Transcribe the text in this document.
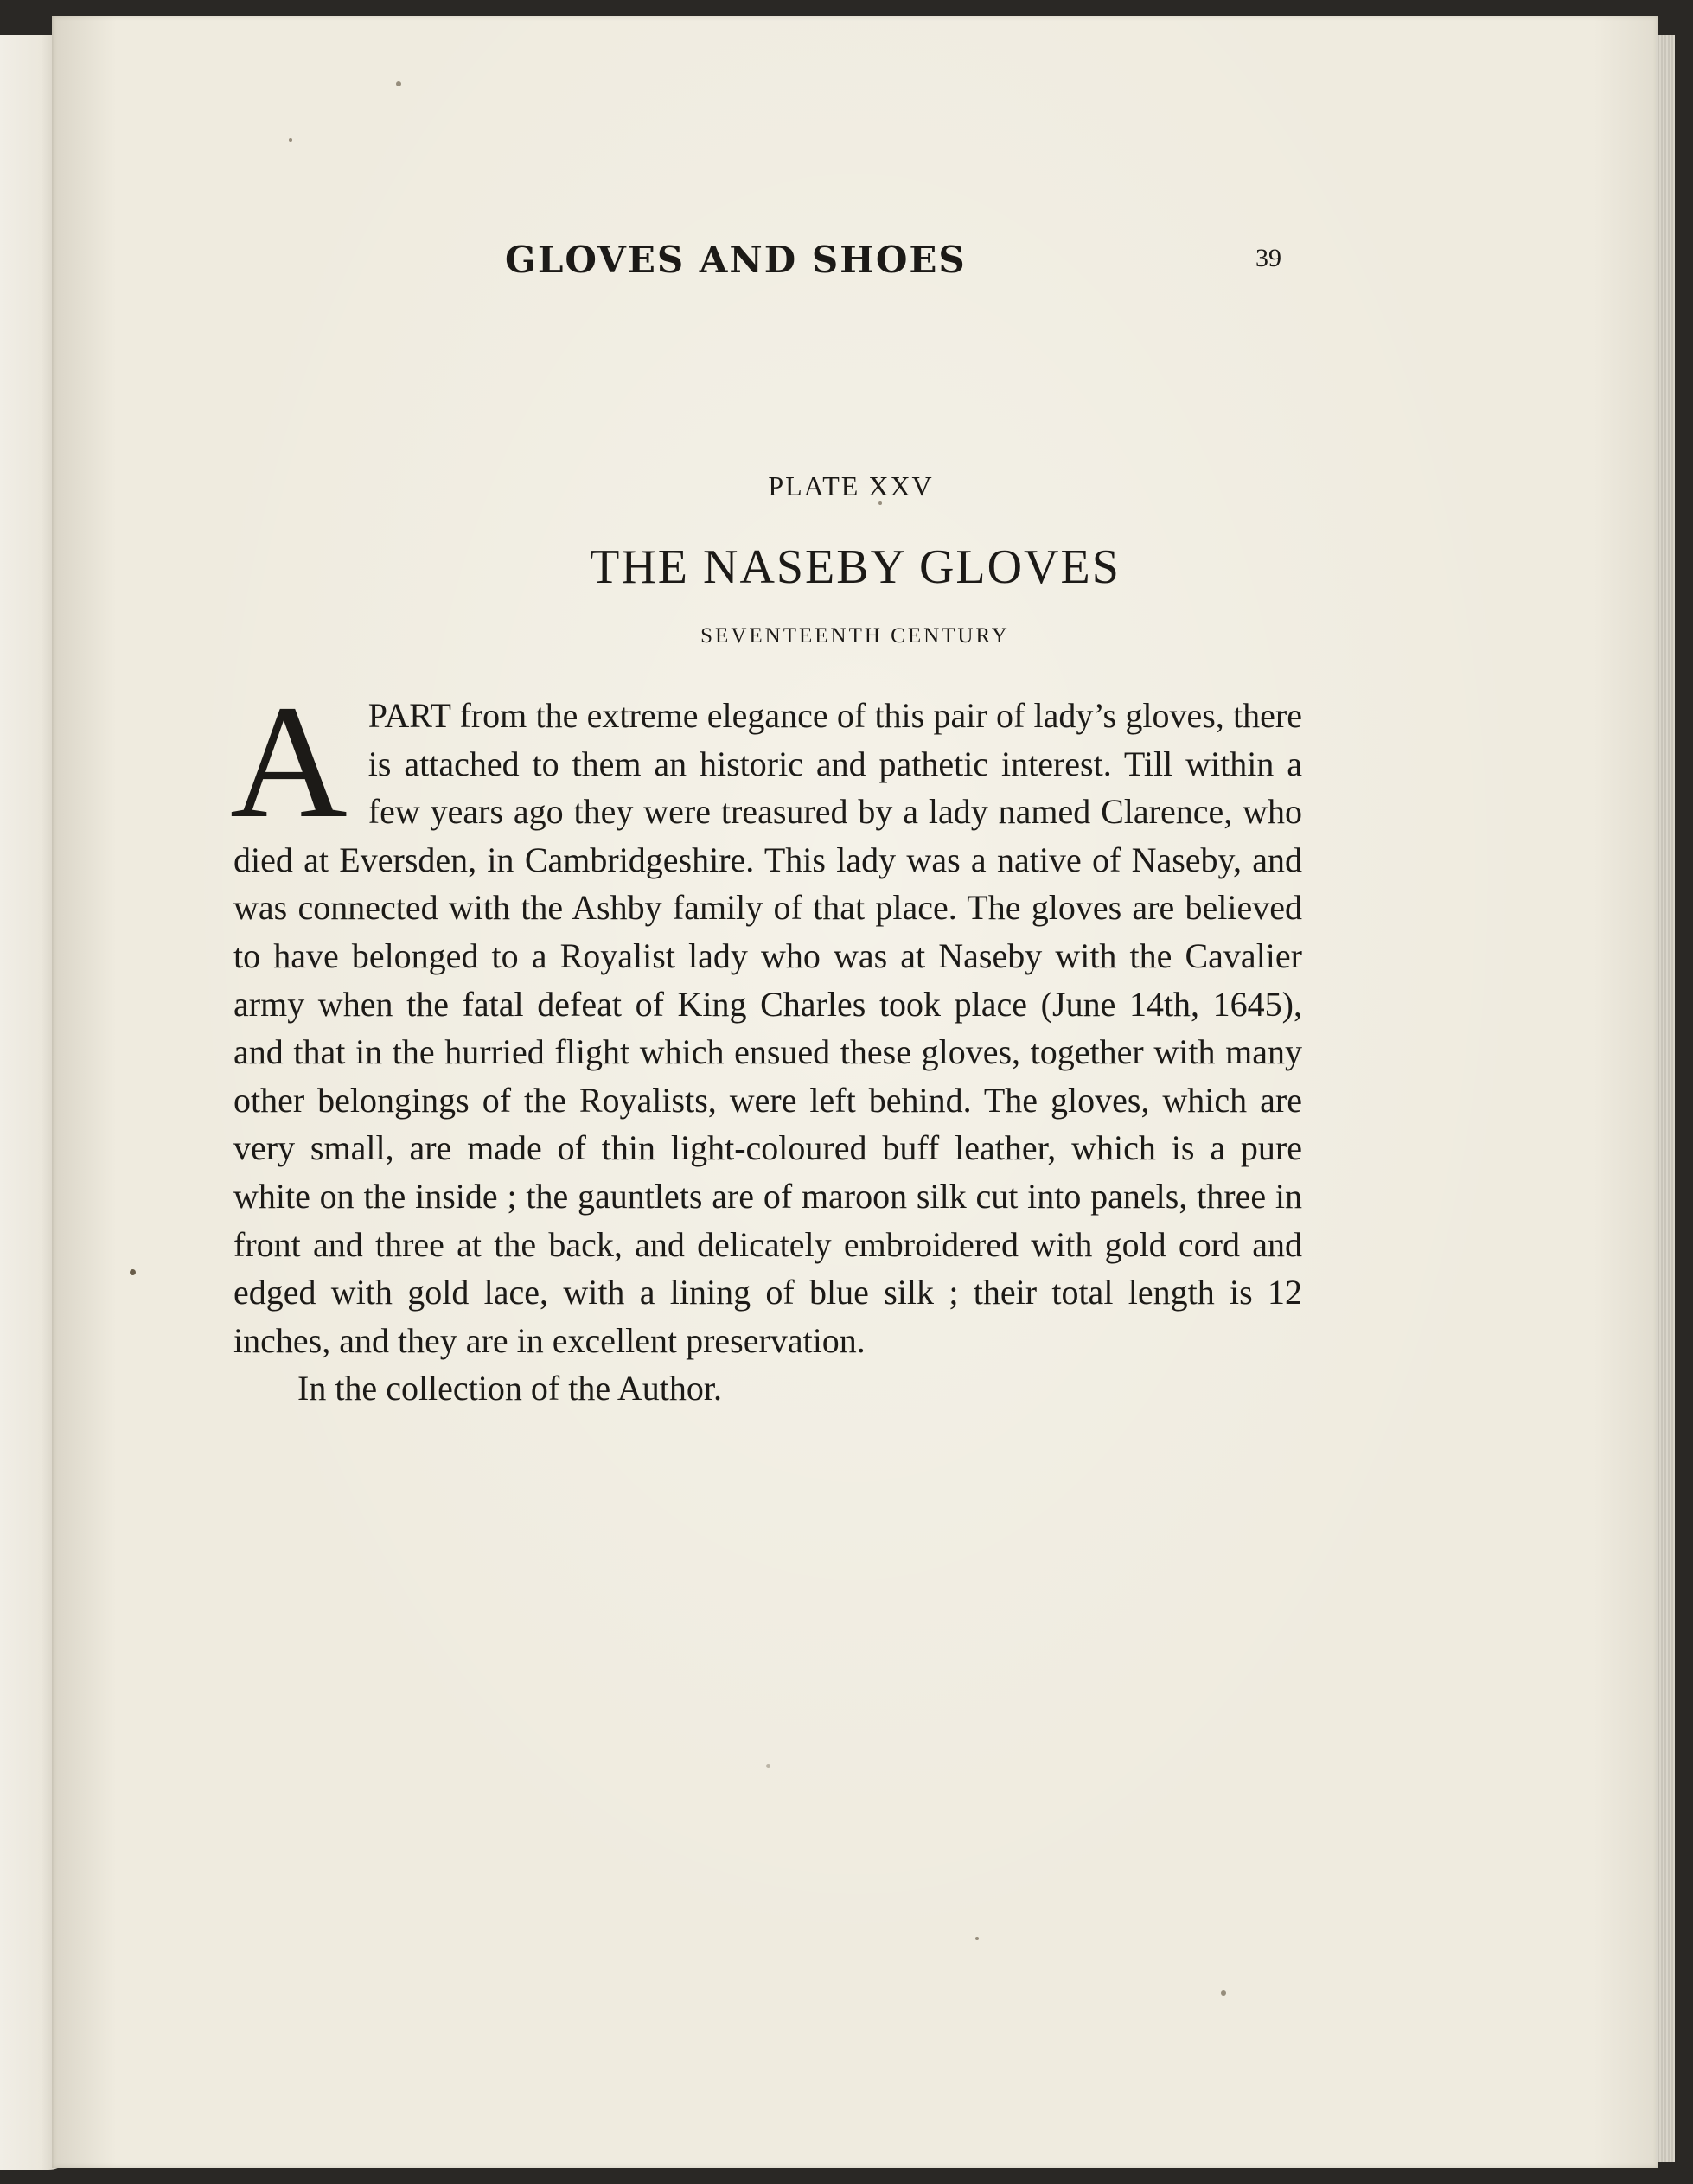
GLOVES AND SHOES	39
PLATE XXV
THE NASEBY GLOVES
SEVENTEENTH CENTURY

APART from the extreme elegance of this pair of lady’s gloves, there is attached to them an historic and pathetic interest. Till within a few years ago they were treasured by a lady named Clarence, who died at Eversden, in Cambridgeshire. This lady was a native of Naseby, and was connected with the Ashby family of that place. The gloves are believed to have belonged to a Royalist lady who was at Naseby with the Cavalier army when the fatal defeat of King Charles took place (June 14th, 1645), and that in the hurried flight which ensued these gloves, together with many other belongings of the Royalists, were left behind. The gloves, which are very small, are made of thin light-coloured buff leather, which is a pure white on the inside ; the gauntlets are of maroon silk cut into panels, three in front and three at the back, and delicately embroidered with gold cord and edged with gold lace, with a lining of blue silk ; their total length is 12 inches, and they are in excellent preservation.

In the collection of the Author.
